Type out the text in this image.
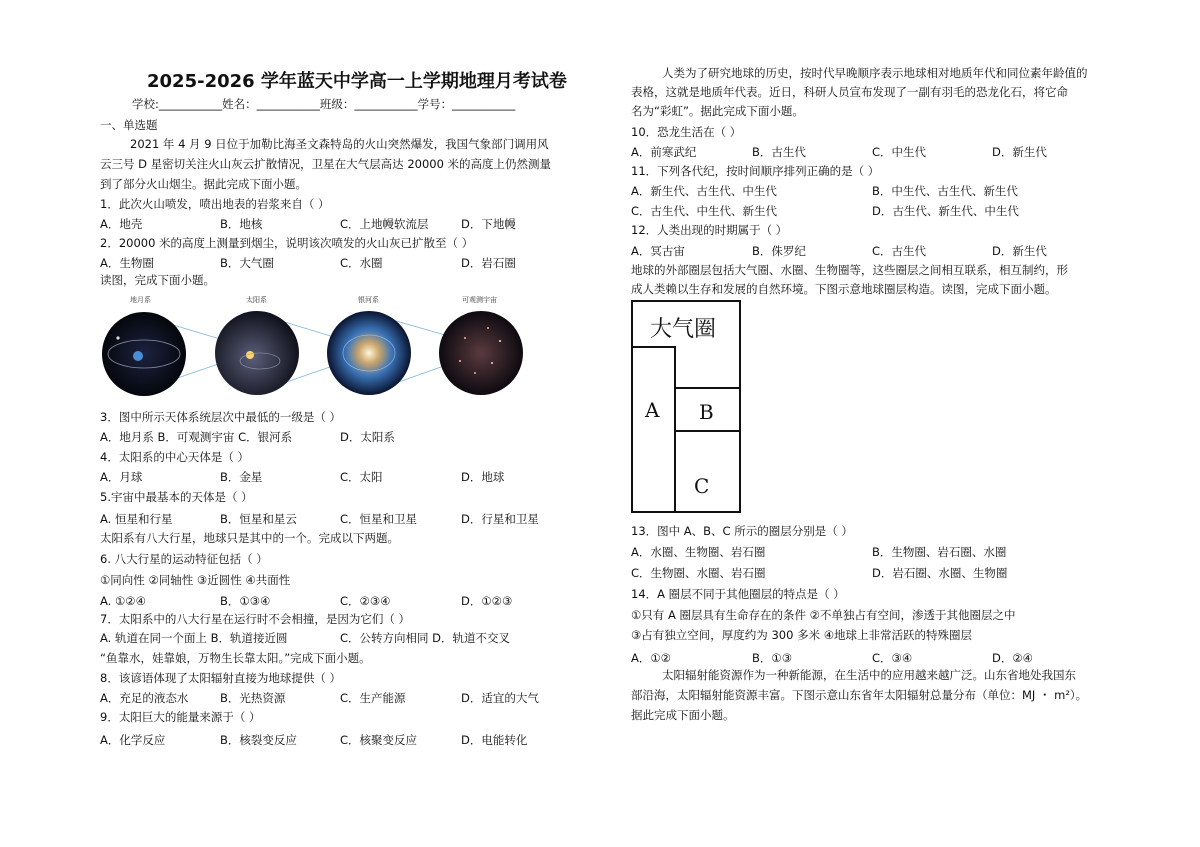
2025-2026 学年蓝天中学高一上学期地理月考试卷
学校:___________姓名：___________班级：___________学号：___________
一、单选题
2021 年 4 月 9 日位于加勒比海圣文森特岛的火山突然爆发，我国气象部门调用风
云三号 D 星密切关注火山灰云扩散情况，卫星在大气层高达 20000 米的高度上仍然测量
到了部分火山烟尘。据此完成下面小题。
1．此次火山喷发，喷出地表的岩浆来自（ ）
A．地壳	B．地核	C．上地幔软流层	D．下地幔
2．20000 米的高度上测量到烟尘，说明该次喷发的火山灰已扩散至（ ）
A．生物圈	B．大气圈	C．水圈	D．岩石圈
读图，完成下面小题。
地月系	太阳系	银河系	可观测宇宙
3．图中所示天体系统层次中最低的一级是（ ）
A．地月系 B．可观测宇宙 C．银河系	D．太阳系
4．太阳系的中心天体是（ ）
A．月球	B．金星	C．太阳	D．地球
5.宇宙中最基本的天体是（ ）
A. 恒星和行星	B．恒星和星云	C．恒星和卫星	D．行星和卫星
太阳系有八大行星，地球只是其中的一个。完成以下两题。
6. 八大行星的运动特征包括（ ）
①同向性 ②同轴性 ③近圆性 ④共面性
A. ①②④	B．①③④	C．②③④	D．①②③
7．太阳系中的八大行星在运行时不会相撞，是因为它们（ ）
A. 轨道在同一个面上 B．轨道接近圆	C．公转方向相同 D．轨道不交叉
“鱼靠水，娃靠娘，万物生长靠太阳。”完成下面小题。
8．该谚语体现了太阳辐射直接为地球提供（ ）
A．充足的液态水	B．光热资源	C．生产能源	D．适宜的大气
9．太阳巨大的能量来源于（ ）
A．化学反应	B．核裂变反应	C．核聚变反应	D．电能转化
人类为了研究地球的历史，按时代早晚顺序表示地球相对地质年代和同位素年龄值的
表格，这就是地质年代表。近日，科研人员宣布发现了一副有羽毛的恐龙化石，将它命
名为“彩虹”。据此完成下面小题。
10．恐龙生活在（ ）
A．前寒武纪	B．古生代	C．中生代	D．新生代
11．下列各代纪，按时间顺序排列正确的是（ ）
A．新生代、古生代、中生代	B．中生代、古生代、新生代
C．古生代、中生代、新生代	D．古生代、新生代、中生代
12．人类出现的时期属于（ ）
A．冥古宙	B．侏罗纪	C．古生代	D．新生代
地球的外部圈层包括大气圈、水圈、生物圈等，这些圈层之间相互联系，相互制约，形
成人类赖以生存和发展的自然环境。下图示意地球圈层构造。读图，完成下面小题。
大气圈
A B
C
13．图中 A、B、C 所示的圈层分别是（ ）
A．水圈、生物圈、岩石圈	B．生物圈、岩石圈、水圈
C．生物圈、水圈、岩石圈	D．岩石圈、水圈、生物圈
14．A 圈层不同于其他圈层的特点是（ ）
①只有 A 圈层具有生命存在的条件 ②不单独占有空间，渗透于其他圈层之中
③占有独立空间，厚度约为 300 多米 ④地球上非常活跃的特殊圈层
A．①②	B．①③	C．③④	D．②④
太阳辐射能资源作为一种新能源，在生活中的应用越来越广泛。山东省地处我国东
部沿海，太阳辐射能资源丰富。下图示意山东省年太阳辐射总量分布（单位：MJ ・ m²）。
据此完成下面小题。
